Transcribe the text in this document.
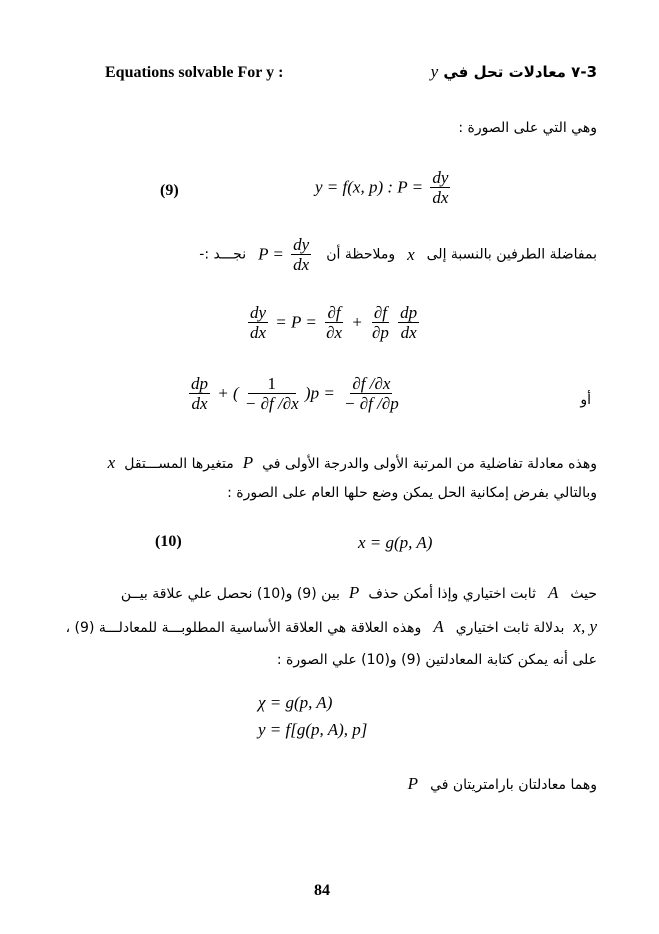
Equations solvable For y :	3-٧ معادلات تحل في y
وهي التي على الصورة :
(9)	y = f(x, p) : $P = \frac{dy}{dx}$
بمفاضلة الطرفين بالنسبة إلى x وملاحظة أن $P = \frac{dy}{dx}$
نجـــد :-
$\frac{dy}{dx} = P = \frac{\partial f}{\partial x} + \frac{\partial f}{\partial p}$
$\frac{dp}{dx}$
أو
$\frac{dp}{dx}$ + ( $\frac{1}{- \partial f /\partial x} )p = \frac{\partial f /\partial x}{- \partial f /\partial p}$
وهذه معادلة تفاضلية من المرتبة الأولى والدرجة الأولى في P متغيرها المســـتقل x
وبالتالي بفرض إمكانية الحل يمكن وضع حلها العام على الصورة :
(10)	x = g(p, A)
حيث A ثابت اختياري وإذا أمكن حذف P بين (9) و(10) نحصل علي علاقة بيــن
x, y بدلالة ثابت اختياري A وهذه العلاقة هي العلاقة الأساسية المطلوبـــة للمعادلـــة (9) ،
على أنه يمكن كتابة المعادلتين (9) و(10) علي الصورة :
χ = g(p, A)
y = f[g(p, A), p]
وهما معادلتان بارامتريتان في P
84
